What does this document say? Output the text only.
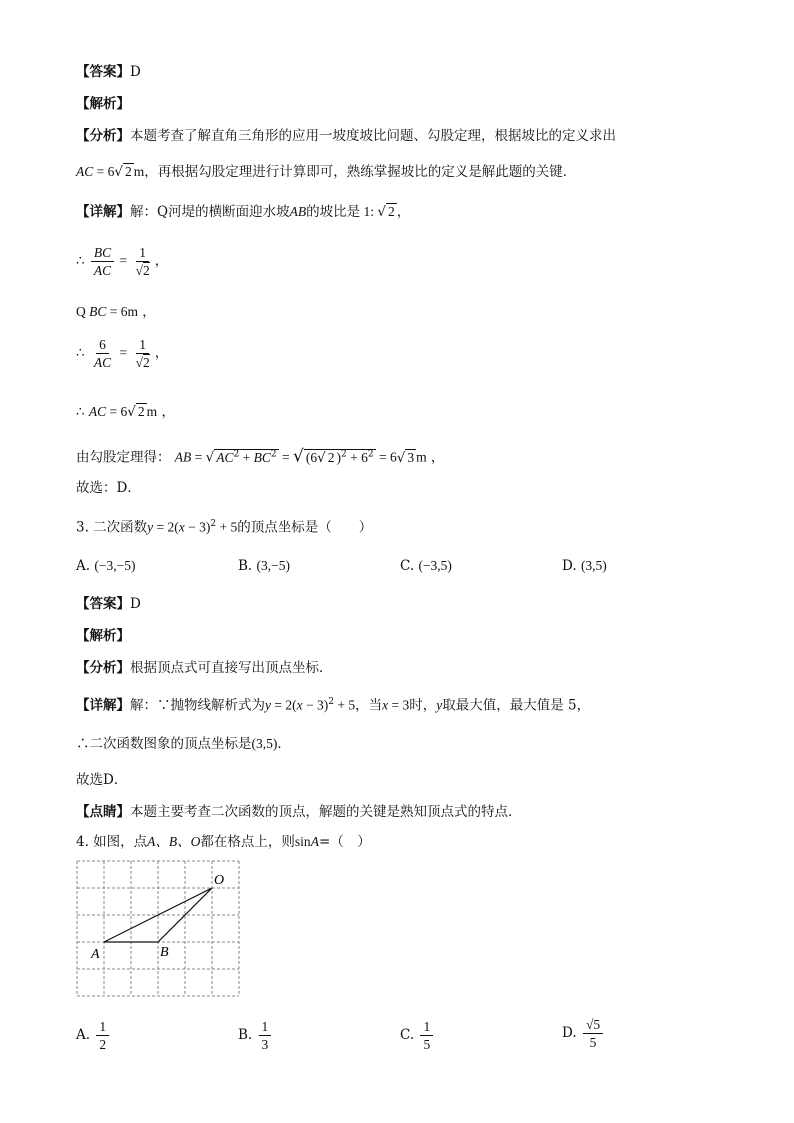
【答案】D
【解析】
【分析】本题考查了解直角三角形的应用一坡度坡比问题、勾股定理，根据坡比的定义求出
AC = 6√ 2 m，再根据勾股定理进行计算即可，熟练掌握坡比的定义是解此题的关键．
【详解】解：Q河堤的横断面迎水坡AB的坡比是 1: √ 2 ，
∴ $\frac{BC}{AC} = \frac{1}{√2}$ ，
Q BC = 6m ，
∴ $\frac{6}{AC} = \frac{1}{√2}$ ，
∴ AC = 6√ 2 m ，
由勾股定理得： AB = √ $AC^2 + BC^2$ = √ (6√ 2 )$^2 + 6^2 = 6√$ 3 m ，
故选：D．
3. 二次函数$y = 2(x - 3)^2 + 5$的顶点坐标是（　　）
A. (−3,−5)	B. (3,−5)	C. (−3,5)	D. (3,5)
【答案】D
【解析】
【分析】根据顶点式可直接写出顶点坐标．
【详解】解：∵抛物线解析式为$y = 2(x - 3)^2 + 5$，当x = 3时，y取最大值，最大值是 5，
∴二次函数图象的顶点坐标是(3,5)．
故选D．
【点睛】本题主要考查二次函数的顶点，解题的关键是熟知顶点式的特点．
4. 如图，点A、B、O都在格点上，则sinA=（　）
O
A	B
A. $\frac{1}{2}$	B. $\frac{1}{3}$	C. $\frac{1}{5}$	D. $\frac{√5}{5}$
